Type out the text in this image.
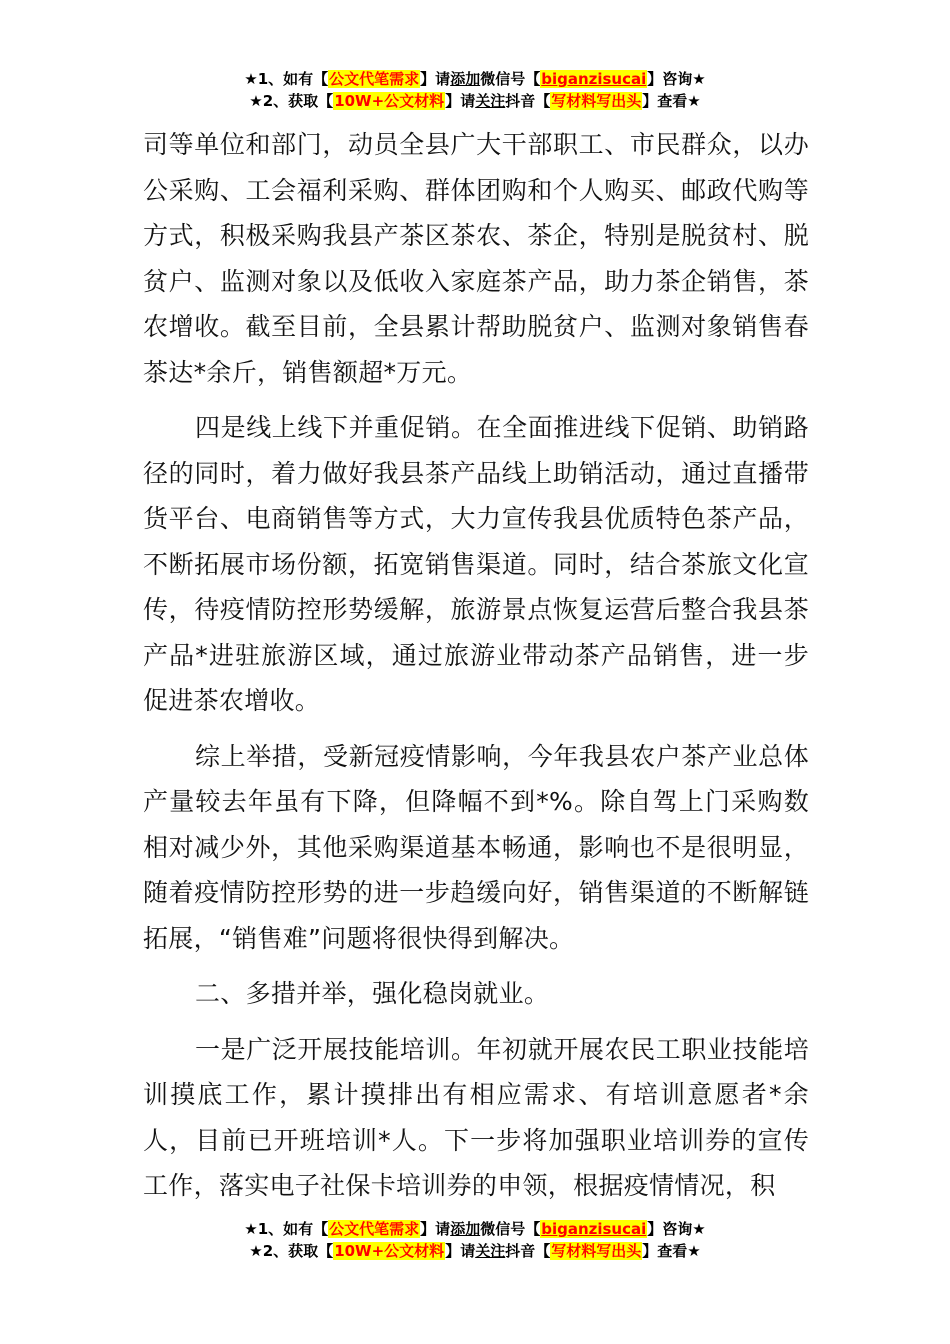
★1、如有【公文代笔需求】请添加微信号【biganzisucai】咨询★
★2、获取【10W+公文材料】请关注抖音【写材料写出头】查看★

司等单位和部门，动员全县广大干部职工、市民群众，以办公采购、工会福利采购、群体团购和个人购买、邮政代购等方式，积极采购我县产茶区茶农、茶企，特别是脱贫村、脱贫户、监测对象以及低收入家庭茶产品，助力茶企销售，茶农增收。截至目前，全县累计帮助脱贫户、监测对象销售春茶达*余斤，销售额超*万元。

四是线上线下并重促销。在全面推进线下促销、助销路径的同时，着力做好我县茶产品线上助销活动，通过直播带货平台、电商销售等方式，大力宣传我县优质特色茶产品，不断拓展市场份额，拓宽销售渠道。同时，结合茶旅文化宣传，待疫情防控形势缓解，旅游景点恢复运营后整合我县茶产品*进驻旅游区域，通过旅游业带动茶产品销售，进一步促进茶农增收。

综上举措，受新冠疫情影响，今年我县农户茶产业总体产量较去年虽有下降，但降幅不到*%。除自驾上门采购数相对减少外，其他采购渠道基本畅通，影响也不是很明显，随着疫情防控形势的进一步趋缓向好，销售渠道的不断解链拓展，“销售难”问题将很快得到解决。

二、多措并举，强化稳岗就业。

一是广泛开展技能培训。年初就开展农民工职业技能培训摸底工作，累计摸排出有相应需求、有培训意愿者*余人，目前已开班培训*人。下一步将加强职业培训券的宣传工作，落实电子社保卡培训券的申领，根据疫情情况，积

★1、如有【公文代笔需求】请添加微信号【biganzisucai】咨询★
★2、获取【10W+公文材料】请关注抖音【写材料写出头】查看★
